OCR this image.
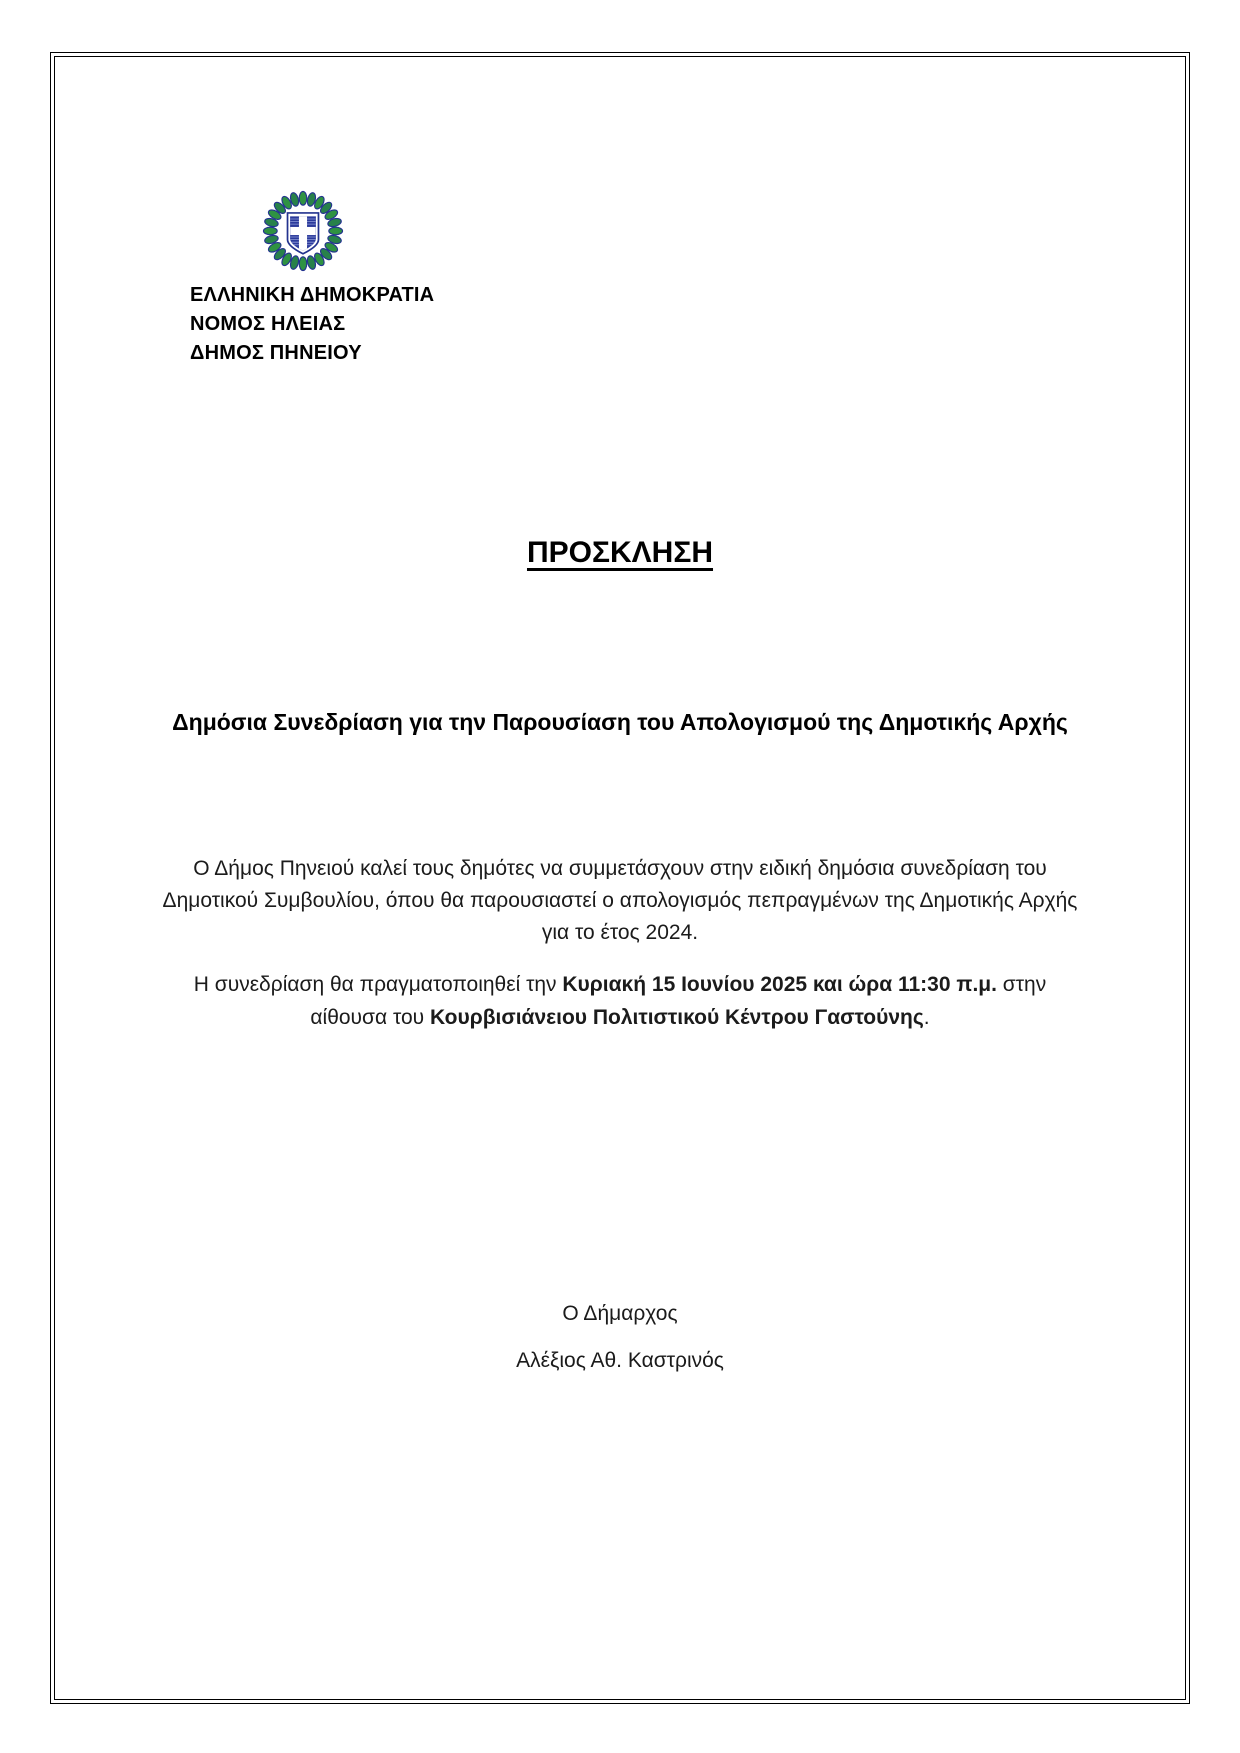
ΕΛΛΗΝΙΚΗ ΔΗΜΟΚΡΑΤΙΑ
ΝΟΜΟΣ ΗΛΕΙΑΣ
ΔΗΜΟΣ ΠΗΝΕΙΟΥ
ΠΡΟΣΚΛΗΣΗ
Δημόσια Συνεδρίαση για την Παρουσίαση του Απολογισμού της Δημοτικής Αρχής
Ο Δήμος Πηνειού καλεί τους δημότες να συμμετάσχουν στην ειδική δημόσια συνεδρίαση του Δημοτικού Συμβουλίου, όπου θα παρουσιαστεί ο απολογισμός πεπραγμένων της Δημοτικής Αρχής για το έτος 2024.
Η συνεδρίαση θα πραγματοποιηθεί την Κυριακή 15 Ιουνίου 2025 και ώρα 11:30 π.μ. στην αίθουσα του Κουρβισιάνειου Πολιτιστικού Κέντρου Γαστούνης.
Ο Δήμαρχος
Αλέξιος Αθ. Καστρινός
